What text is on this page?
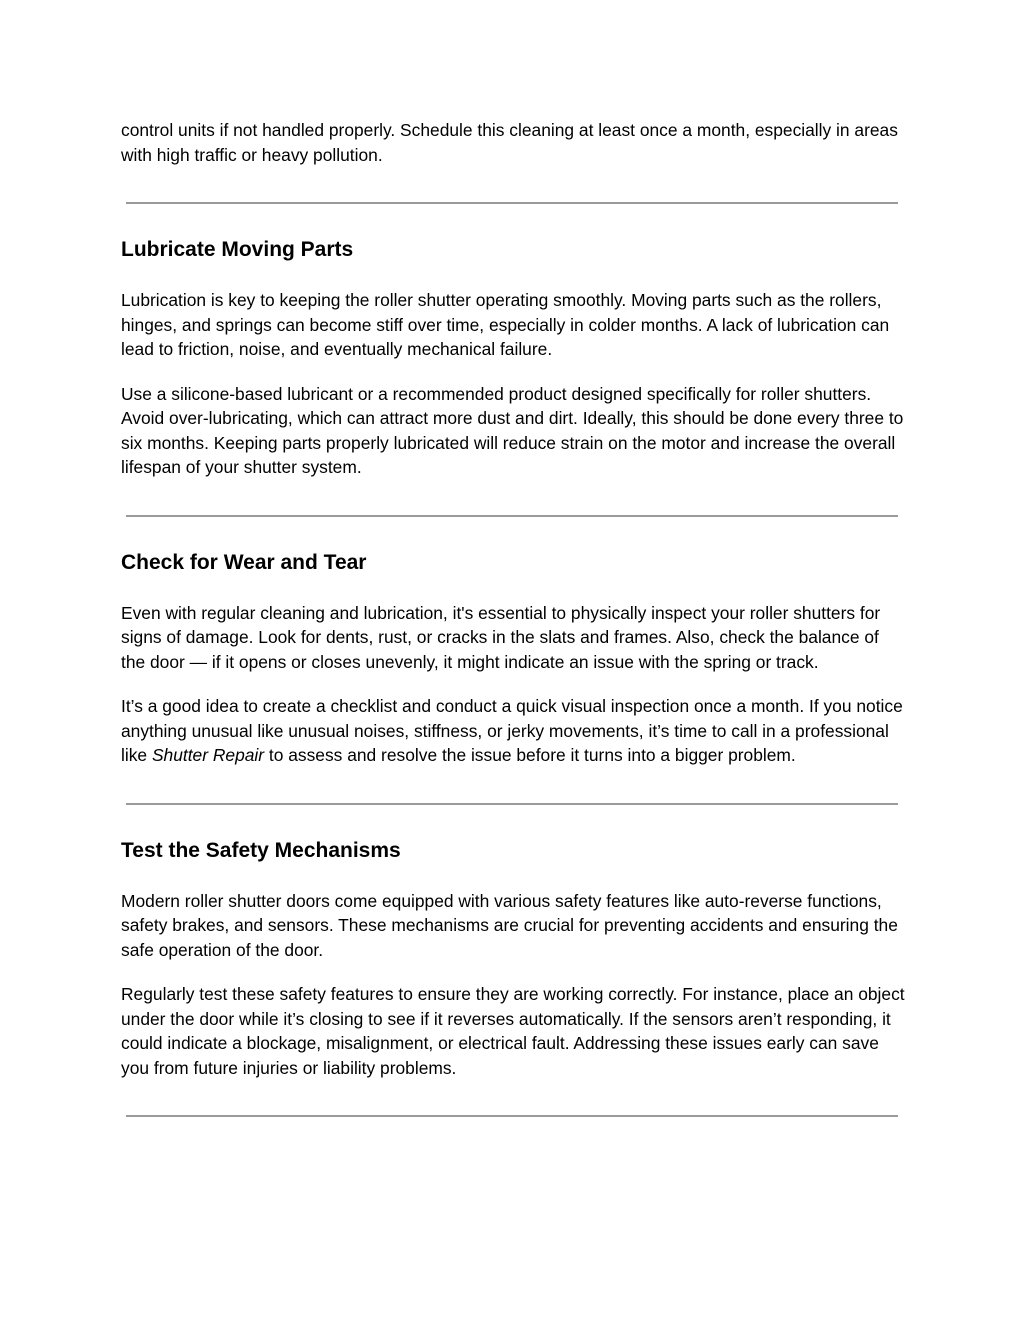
control units if not handled properly. Schedule this cleaning at least once a month, especially in areas with high traffic or heavy pollution.

Lubricate Moving Parts

Lubrication is key to keeping the roller shutter operating smoothly. Moving parts such as the rollers, hinges, and springs can become stiff over time, especially in colder months. A lack of lubrication can lead to friction, noise, and eventually mechanical failure.

Use a silicone-based lubricant or a recommended product designed specifically for roller shutters. Avoid over-lubricating, which can attract more dust and dirt. Ideally, this should be done every three to six months. Keeping parts properly lubricated will reduce strain on the motor and increase the overall lifespan of your shutter system.

Check for Wear and Tear

Even with regular cleaning and lubrication, it's essential to physically inspect your roller shutters for signs of damage. Look for dents, rust, or cracks in the slats and frames. Also, check the balance of the door — if it opens or closes unevenly, it might indicate an issue with the spring or track.

It’s a good idea to create a checklist and conduct a quick visual inspection once a month. If you notice anything unusual like unusual noises, stiffness, or jerky movements, it’s time to call in a professional like Shutter Repair to assess and resolve the issue before it turns into a bigger problem.

Test the Safety Mechanisms

Modern roller shutter doors come equipped with various safety features like auto-reverse functions, safety brakes, and sensors. These mechanisms are crucial for preventing accidents and ensuring the safe operation of the door.

Regularly test these safety features to ensure they are working correctly. For instance, place an object under the door while it’s closing to see if it reverses automatically. If the sensors aren’t responding, it could indicate a blockage, misalignment, or electrical fault. Addressing these issues early can save you from future injuries or liability problems.
